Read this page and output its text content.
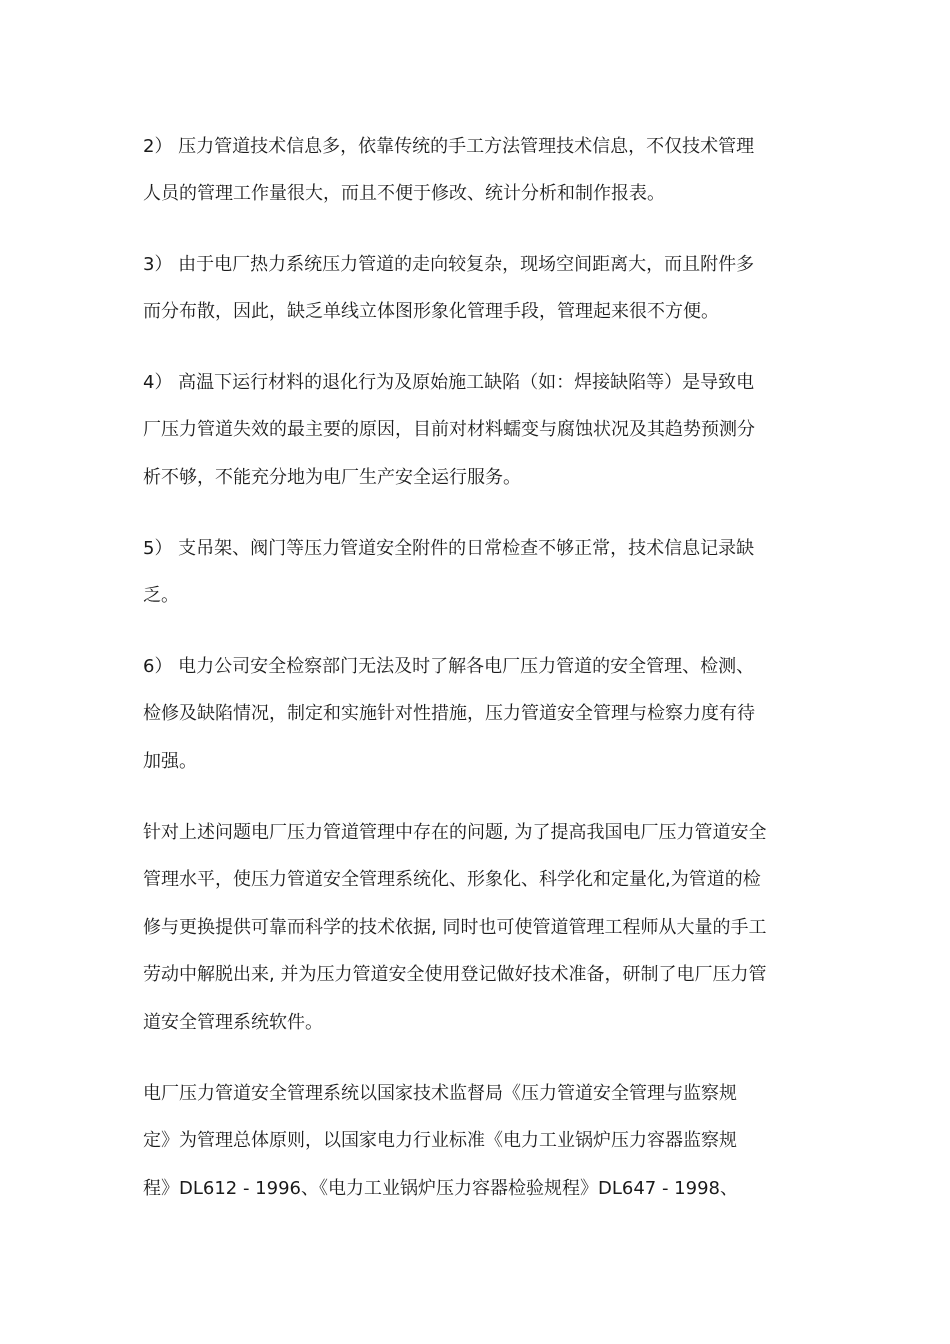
2） 压力管道技术信息多，依靠传统的手工方法管理技术信息，不仅技术管理
人员的管理工作量很大，而且不便于修改、统计分析和制作报表。
3） 由于电厂热力系统压力管道的走向较复杂，现场空间距离大，而且附件多
而分布散，因此，缺乏单线立体图形象化管理手段，管理起来很不方便。
4） 高温下运行材料的退化行为及原始施工缺陷（如：焊接缺陷等）是导致电
厂压力管道失效的最主要的原因，目前对材料蠕变与腐蚀状况及其趋势预测分
析不够，不能充分地为电厂生产安全运行服务。
5） 支吊架、阀门等压力管道安全附件的日常检查不够正常，技术信息记录缺
乏。
6） 电力公司安全检察部门无法及时了解各电厂压力管道的安全管理、检测、
检修及缺陷情况，制定和实施针对性措施，压力管道安全管理与检察力度有待
加强。
针对上述问题电厂压力管道管理中存在的问题, 为了提高我国电厂压力管道安全
管理水平，使压力管道安全管理系统化、形象化、科学化和定量化,为管道的检
修与更换提供可靠而科学的技术依据, 同时也可使管道管理工程师从大量的手工
劳动中解脱出来, 并为压力管道安全使用登记做好技术准备，研制了电厂压力管
道安全管理系统软件。
电厂压力管道安全管理系统以国家技术监督局《压力管道安全管理与监察规
定》为管理总体原则，以国家电力行业标准《电力工业锅炉压力容器监察规
程》DL612 - 1996、《电力工业锅炉压力容器检验规程》DL647 - 1998、
